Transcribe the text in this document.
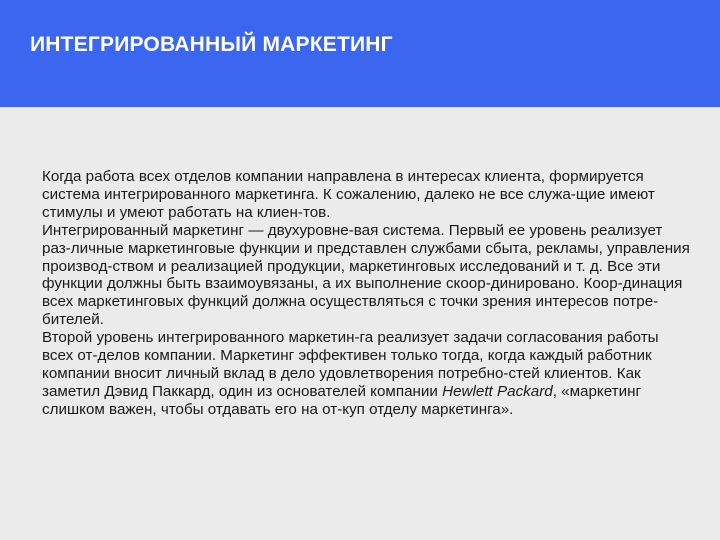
ИНТЕГРИРОВАННЫЙ МАРКЕТИНГ

Когда работа всех отделов компании направлена в интересах клиента, формируется система интегрированного маркетинга. К сожалению, далеко не все служа-щие имеют стимулы и умеют работать на клиен-тов.

Интегрированный маркетинг — двухуровне-вая система. Первый ее уровень реализует раз-личные маркетинговые функции и представлен службами сбыта, рекламы, управления производ-ством и реализацией продукции, маркетинговых исследований и т. д. Все эти функции должны быть взаимоувязаны, а их выполнение скоор-динировано. Коор-динация всех маркетинговых функций должна осуществляться с точки зрения интересов потре-бителей.

Второй уровень интегрированного маркетин-га реализует задачи согласования работы всех от-делов компании. Маркетинг эффективен только тогда, когда каждый работник компании вносит личный вклад в дело удовлетворения потребно-стей клиентов. Как заметил Дэвид Паккард, один из основателей компании Hewlett Packard, «маркетинг слишком важен, чтобы отдавать его на от-куп отделу маркетинга».
